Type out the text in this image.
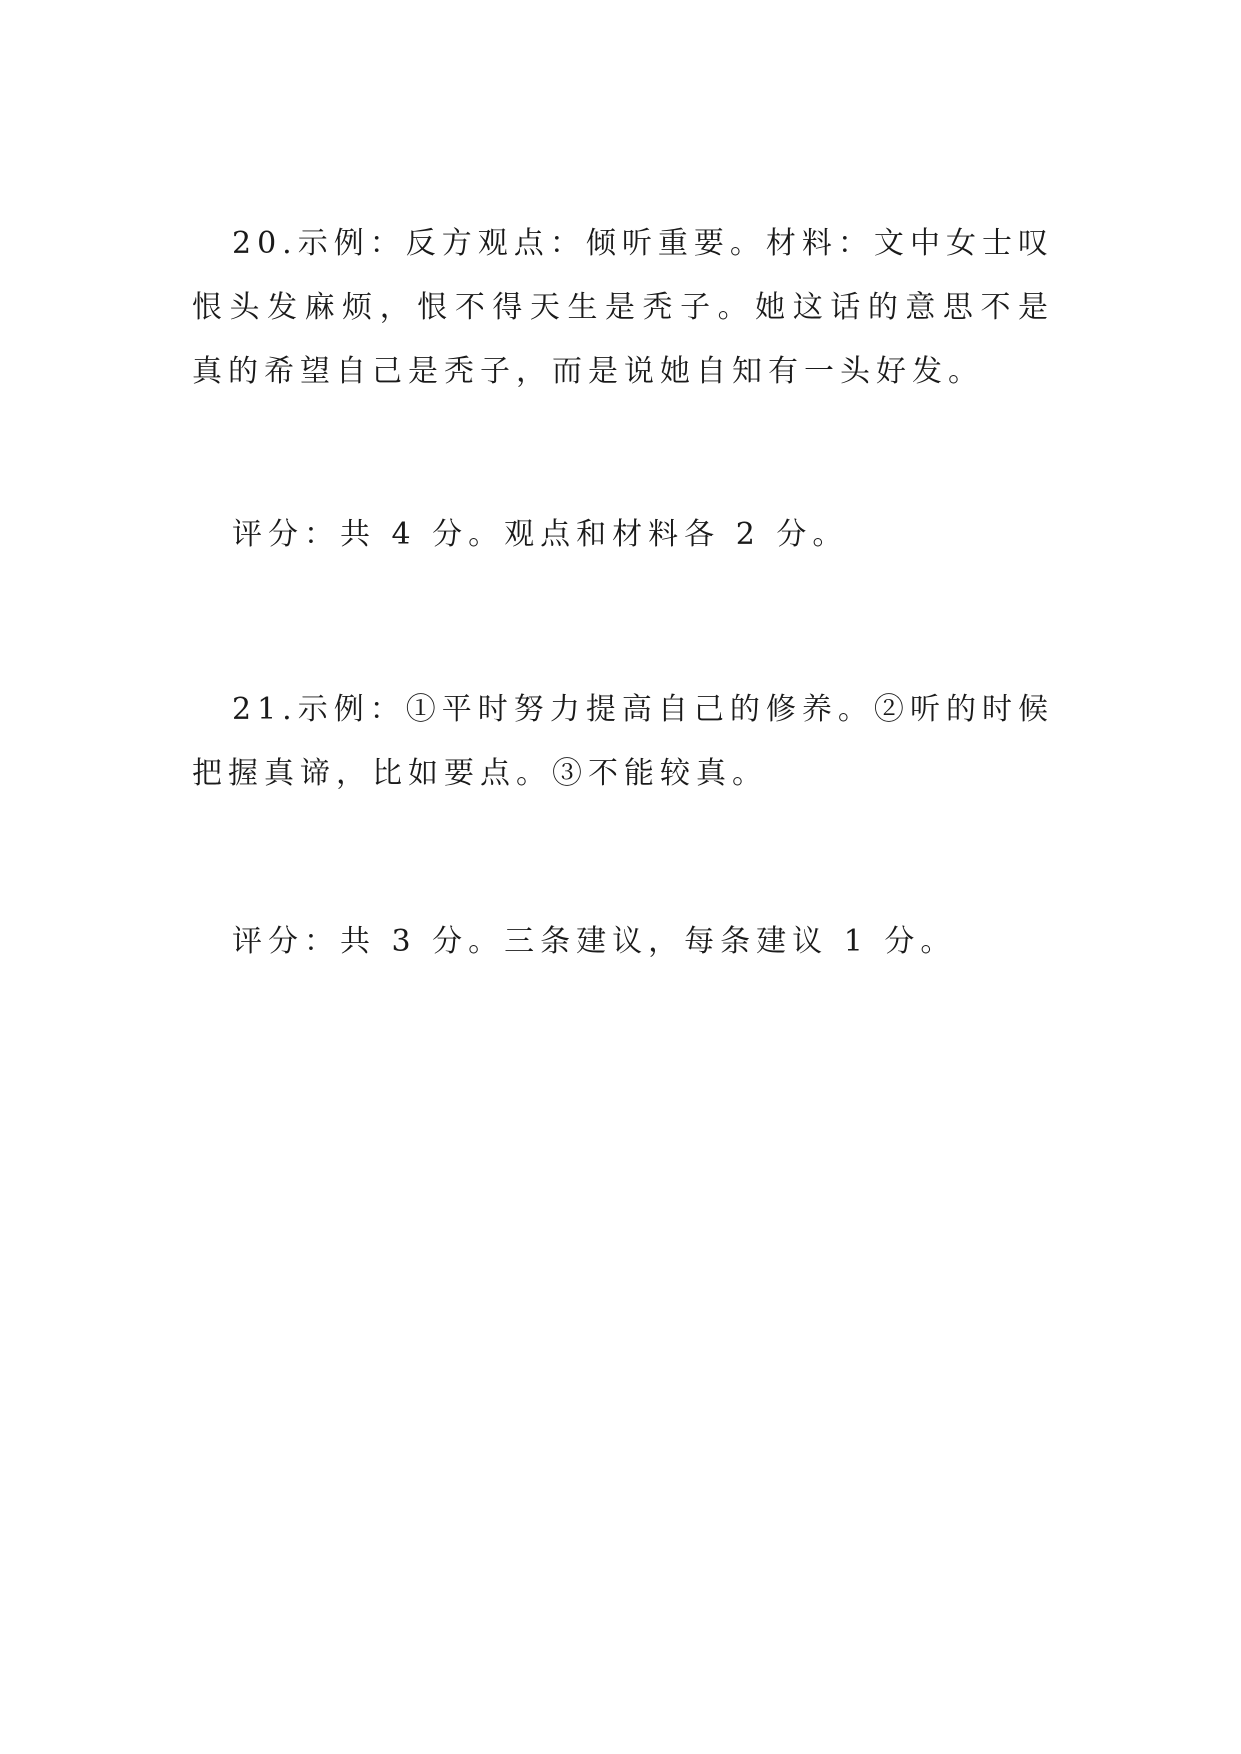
20.示例：反方观点：倾听重要。材料：文中女士叹恨头发麻烦，恨不得天生是秃子。她这话的意思不是真的希望自己是秃子，而是说她自知有一头好发。

评分：共 4 分。观点和材料各 2 分。

21.示例：①平时努力提高自己的修养。②听的时候把握真谛，比如要点。③不能较真。

评分：共 3 分。三条建议，每条建议 1 分。
